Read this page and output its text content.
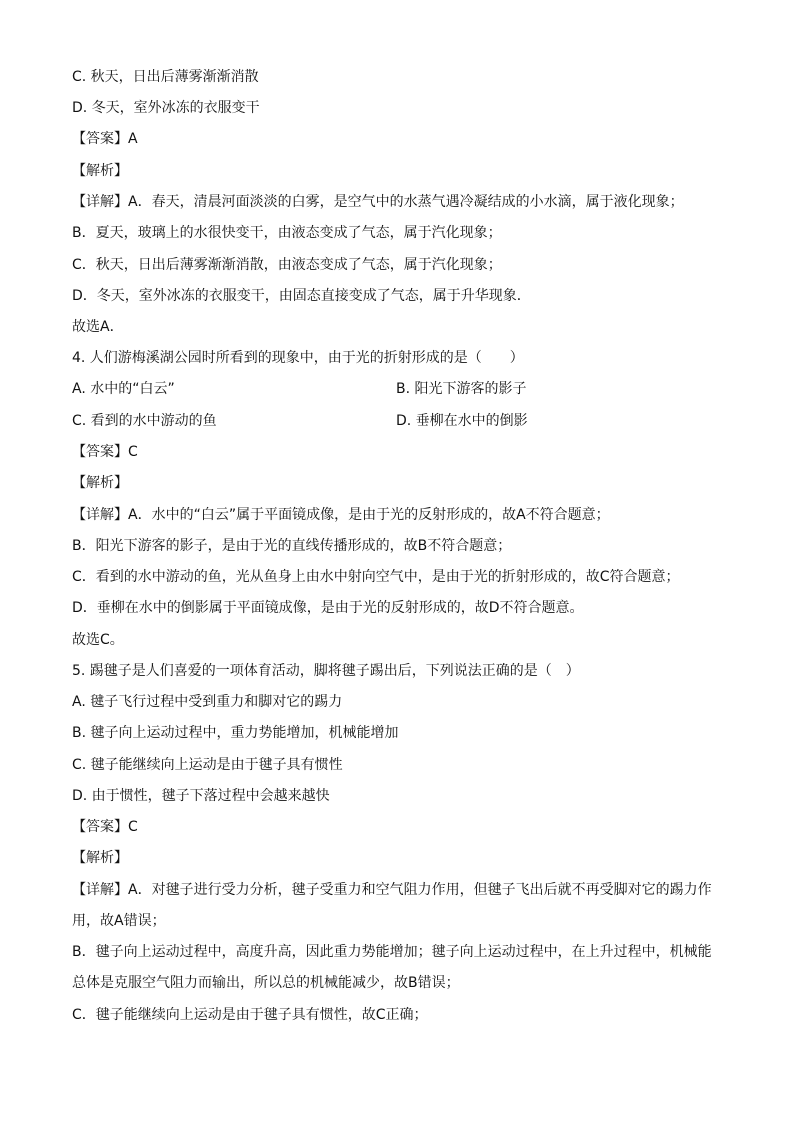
C. 秋天，日出后薄雾渐渐消散
D. 冬天，室外冰冻的衣服变干
【答案】A
【解析】
【详解】A．春天，清晨河面淡淡的白雾，是空气中的水蒸气遇冷凝结成的小水滴，属于液化现象；
B．夏天，玻璃上的水很快变干，由液态变成了气态，属于汽化现象；
C．秋天，日出后薄雾渐渐消散，由液态变成了气态，属于汽化现象；
D．冬天，室外冰冻的衣服变干，由固态直接变成了气态，属于升华现象．
故选A．
4. 人们游梅溪湖公园时所看到的现象中，由于光的折射形成的是（　　）
A. 水中的“白云”	B. 阳光下游客的影子
C. 看到的水中游动的鱼	D. 垂柳在水中的倒影
【答案】C
【解析】
【详解】A．水中的“白云”属于平面镜成像，是由于光的反射形成的，故A不符合题意；
B．阳光下游客的影子，是由于光的直线传播形成的，故B不符合题意；
C．看到的水中游动的鱼，光从鱼身上由水中射向空气中，是由于光的折射形成的，故C符合题意；
D．垂柳在水中的倒影属于平面镜成像，是由于光的反射形成的，故D不符合题意。
故选C。
5. 踢毽子是人们喜爱的一项体育活动，脚将毽子踢出后，下列说法正确的是（　）
A. 毽子飞行过程中受到重力和脚对它的踢力
B. 毽子向上运动过程中，重力势能增加，机械能增加
C. 毽子能继续向上运动是由于毽子具有惯性
D. 由于惯性，毽子下落过程中会越来越快
【答案】C
【解析】
【详解】A．对毽子进行受力分析，毽子受重力和空气阻力作用，但毽子飞出后就不再受脚对它的踢力作
用，故A错误；
B．毽子向上运动过程中，高度升高，因此重力势能增加；毽子向上运动过程中，在上升过程中，机械能
总体是克服空气阻力而输出，所以总的机械能减少，故B错误；
C．毽子能继续向上运动是由于毽子具有惯性，故C正确；
